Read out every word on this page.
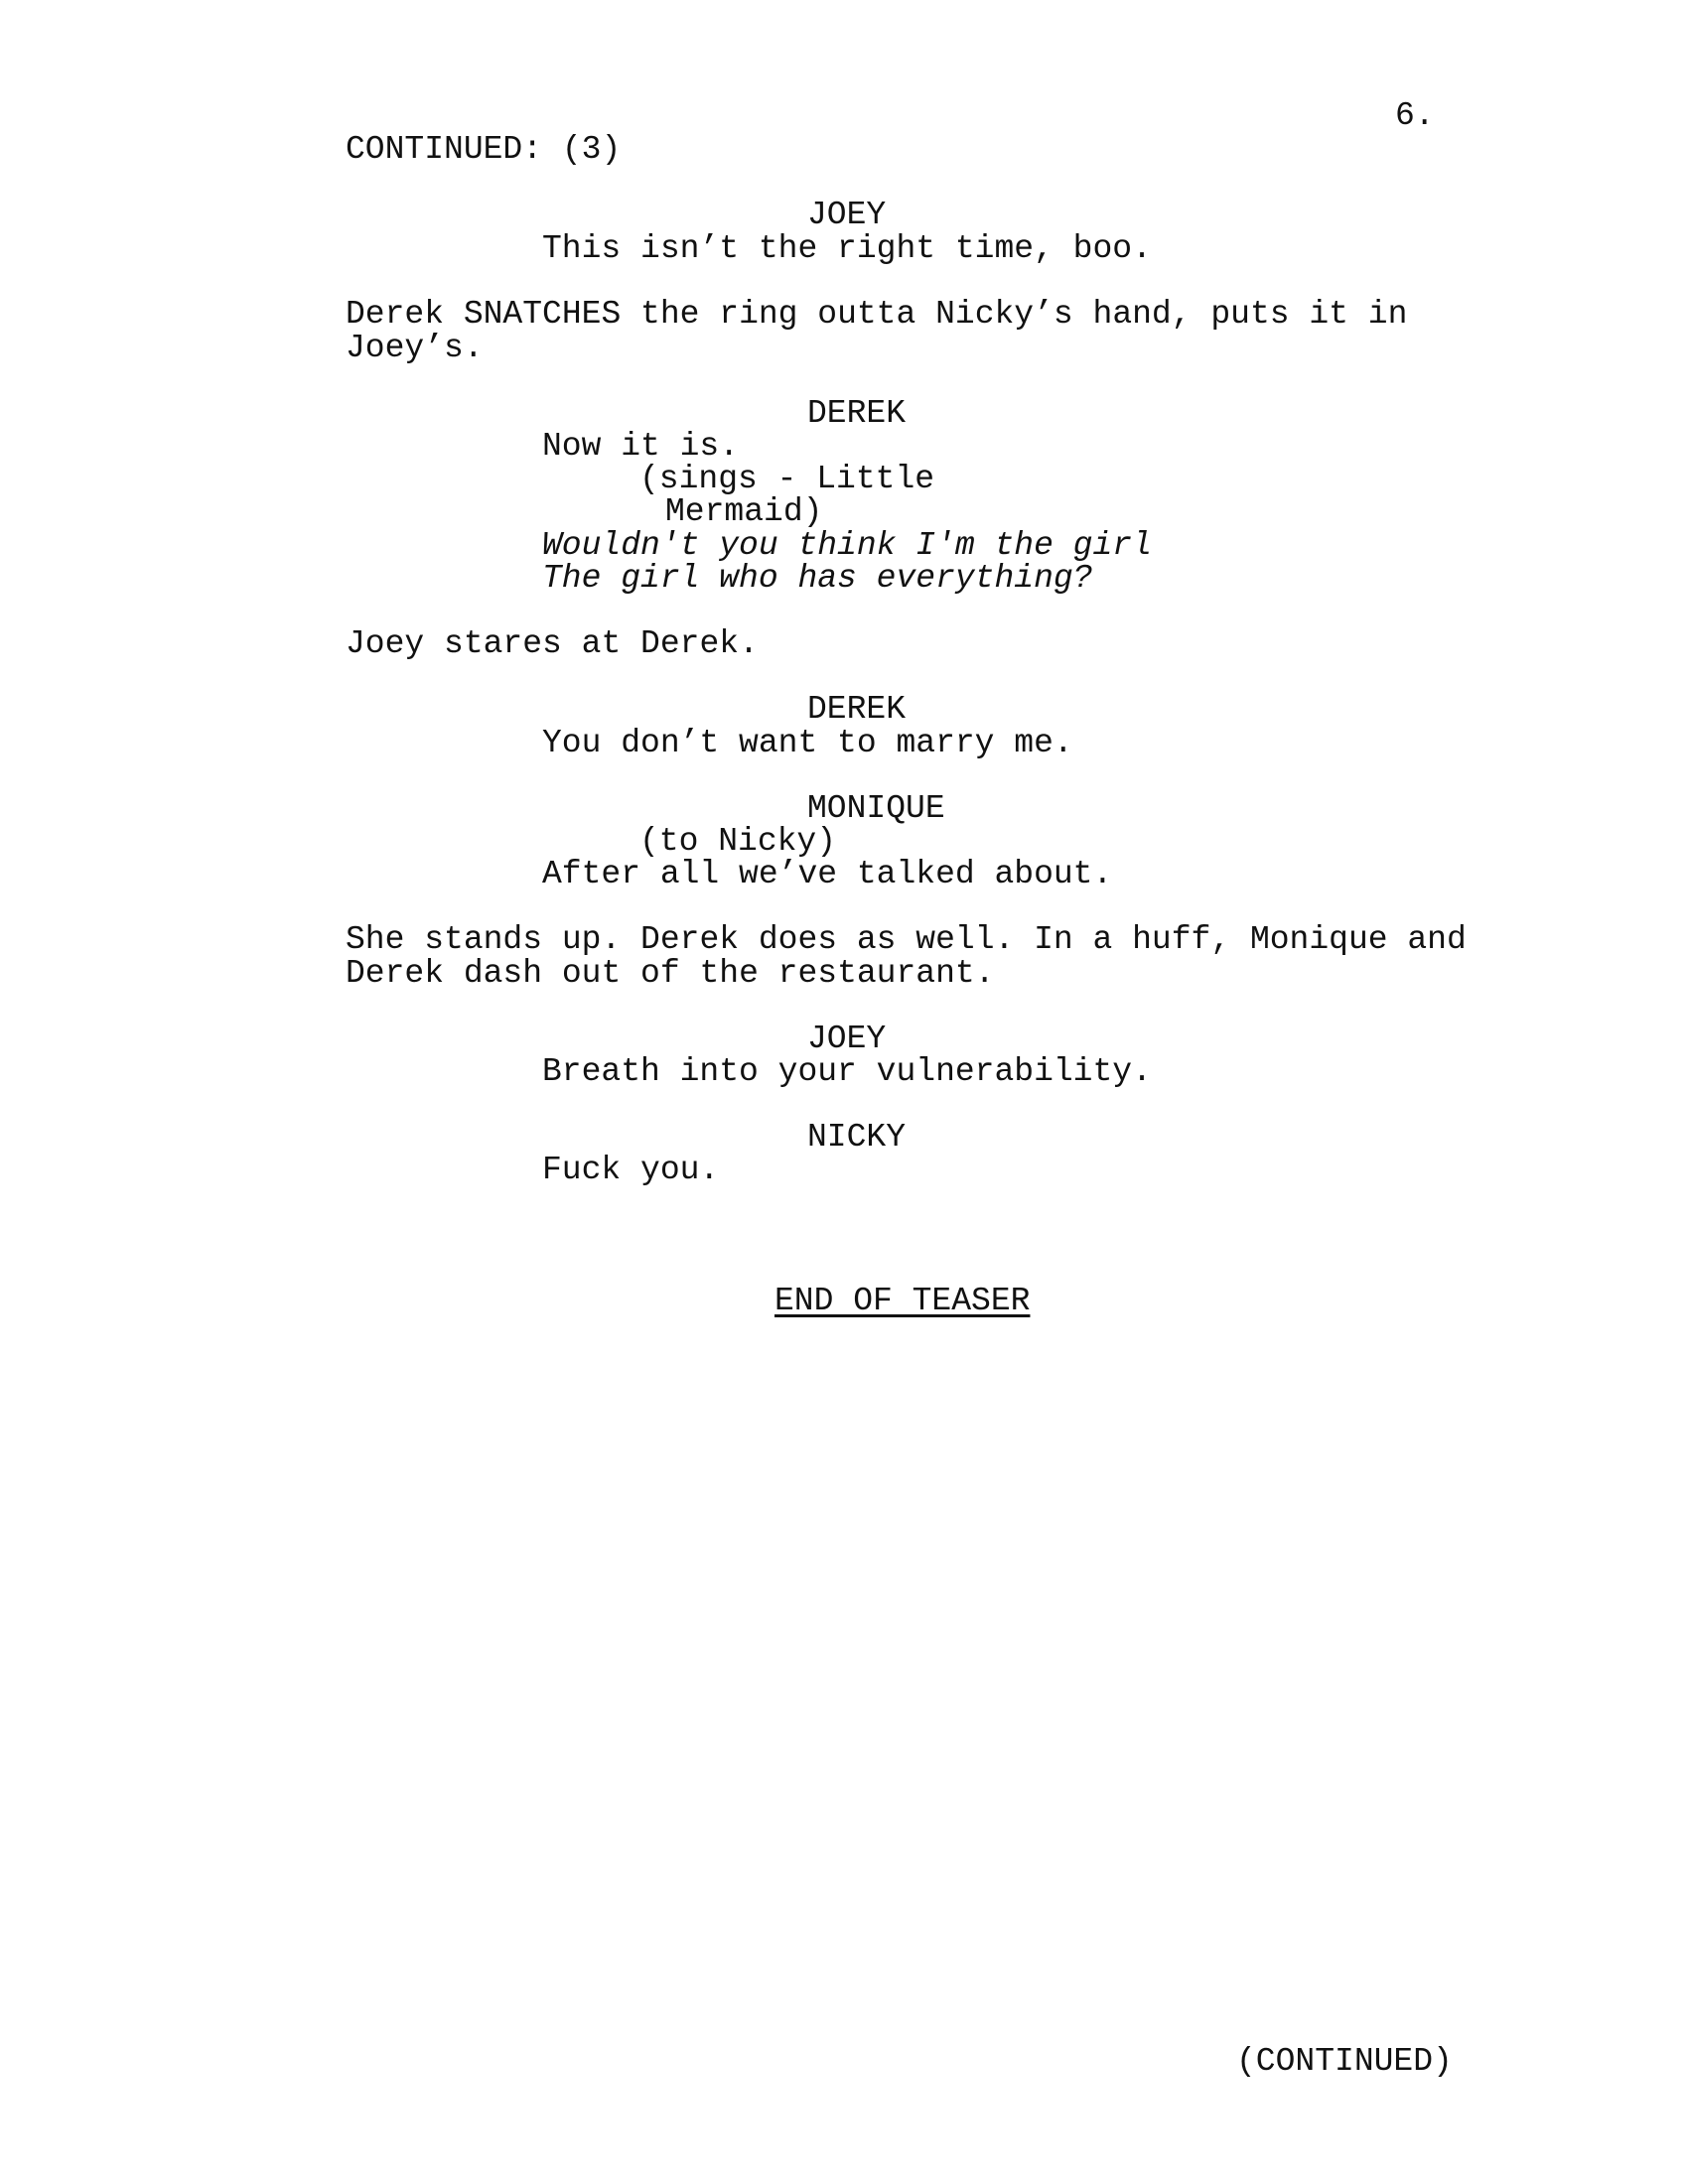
6.
CONTINUED: (3)
JOEY
This isn’t the right time, boo.
Derek SNATCHES the ring outta Nicky’s hand, puts it in
Joey’s.
DEREK
Now it is.
(sings - Little
Mermaid)
Wouldn't you think I'm the girl
The girl who has everything?
Joey stares at Derek.
DEREK
You don’t want to marry me.
MONIQUE
(to Nicky)
After all we’ve talked about.
She stands up. Derek does as well. In a huff, Monique and
Derek dash out of the restaurant.
JOEY
Breath into your vulnerability.
NICKY
Fuck you.
END OF TEASER
(CONTINUED)
